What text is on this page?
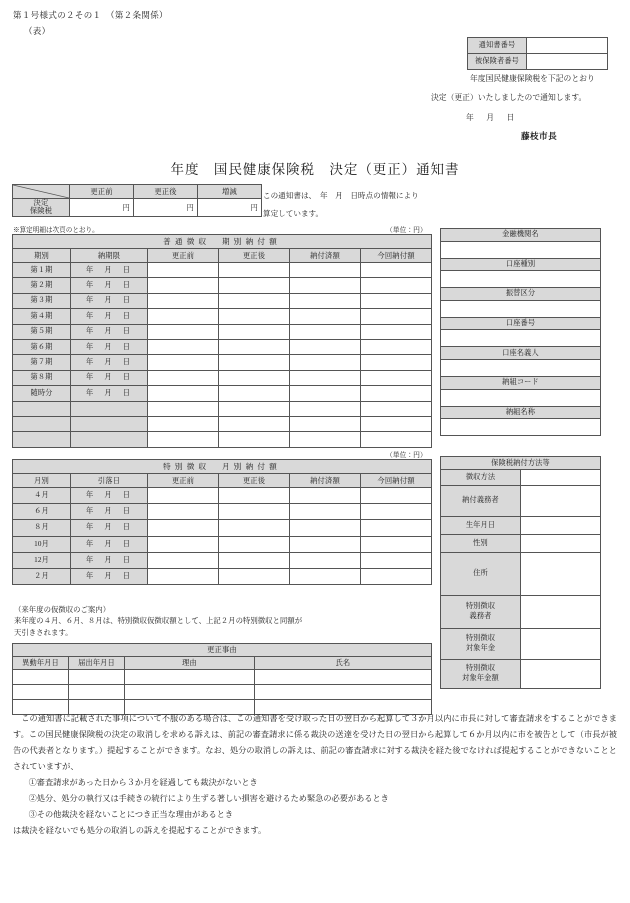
第１号様式の２その１　（第２条関係）
（表）
通知書番号	
被保険者番号	
年度国民健康保険税を下記のとおり
決定（更正）いたしましたので通知します。
年　月　日
藤枝市長
年度　国民健康保険税　決定（更正）通知書
	更正前	更正後	増減

決定
保険税	円	円	円
この通知書は、　年　月　日時点の情報により
算定しています。
※算定明細は次頁のとおり。	（単位：円）
（単位：円）
普通徴収　期別納付額					
期別	納期限	更正前	更正後	納付済額	今回納付額
第１期	年　月　日				
第２期	年　月　日				
第３期	年　月　日				
第４期	年　月　日				
第５期	年　月　日				
第６期	年　月　日				
第７期	年　月　日				
第８期	年　月　日				
随時分	年　月　日				

特別徴収　月別納付額					
月別	引落日	更正前	更正後	納付済額	今回納付額
４月	年　月　日				
６月	年　月　日				
８月	年　月　日				
10月	年　月　日				
12月	年　月　日				
２月	年　月　日				
（来年度の仮徴収のご案内）
来年度の４月、６月、８月は、特別徴収仮徴収額として、上記２月の特別徴収と同額が
天引きされます。
更正事由			
異動年月日	届出年月日	理由	氏名

金融機関名

口座種別

振替区分

口座番号

口座名義人

納組コード

納組名称

保険税納付方法等	

徴収方法	

納付義務者	

生年月日	

性別	

住所	

特別徴収
義務者	

特別徴収
対象年金	

特別徴収
対象年金額	

この通知書に記載された事項について不服のある場合は、この通知書を受け取った日の翌日から起算して３か月以内に市長に対して審査請求をすることができます。この国民健康保険税の決定の取消しを求める訴えは、前記の審査請求に係る裁決の送達を受けた日の翌日から起算して６か月以内に市を被告として（市長が被告の代表者となります。）提起することができます。なお、処分の取消しの訴えは、前記の審査請求に対する裁決を経た後でなければ提起することができないこととされていますが、

①審査請求があった日から３か月を経過しても裁決がないとき
②処分、処分の執行又は手続きの続行により生ずる著しい損害を避けるため緊急の必要があるとき
③その他裁決を経ないことにつき正当な理由があるとき

は裁決を経ないでも処分の取消しの訴えを提起することができます。
